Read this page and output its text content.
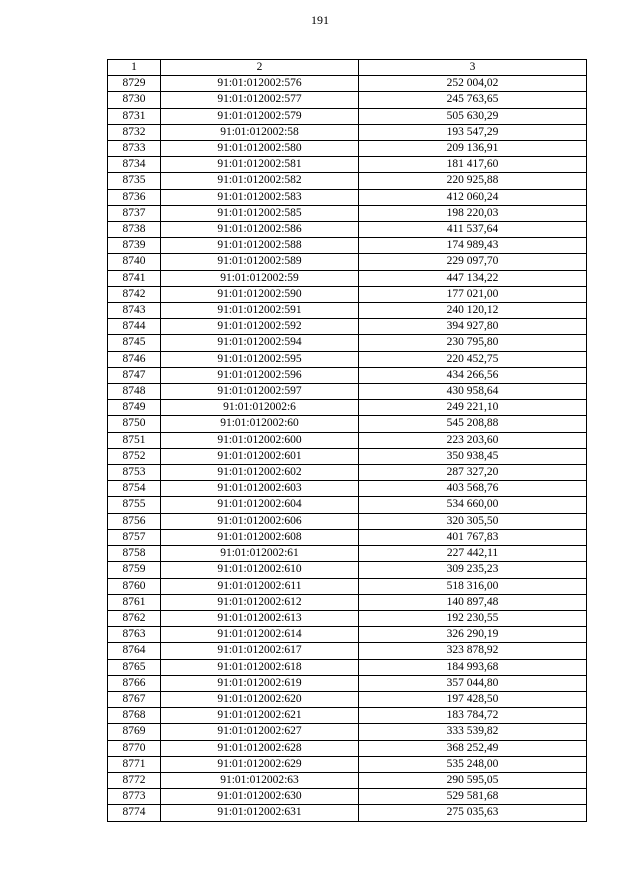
191
1	2	3
8729	91:01:012002:576	252 004,02
8730	91:01:012002:577	245 763,65
8731	91:01:012002:579	505 630,29
8732	91:01:012002:58	193 547,29
8733	91:01:012002:580	209 136,91
8734	91:01:012002:581	181 417,60
8735	91:01:012002:582	220 925,88
8736	91:01:012002:583	412 060,24
8737	91:01:012002:585	198 220,03
8738	91:01:012002:586	411 537,64
8739	91:01:012002:588	174 989,43
8740	91:01:012002:589	229 097,70
8741	91:01:012002:59	447 134,22
8742	91:01:012002:590	177 021,00
8743	91:01:012002:591	240 120,12
8744	91:01:012002:592	394 927,80
8745	91:01:012002:594	230 795,80
8746	91:01:012002:595	220 452,75
8747	91:01:012002:596	434 266,56
8748	91:01:012002:597	430 958,64
8749	91:01:012002:6	249 221,10
8750	91:01:012002:60	545 208,88
8751	91:01:012002:600	223 203,60
8752	91:01:012002:601	350 938,45
8753	91:01:012002:602	287 327,20
8754	91:01:012002:603	403 568,76
8755	91:01:012002:604	534 660,00
8756	91:01:012002:606	320 305,50
8757	91:01:012002:608	401 767,83
8758	91:01:012002:61	227 442,11
8759	91:01:012002:610	309 235,23
8760	91:01:012002:611	518 316,00
8761	91:01:012002:612	140 897,48
8762	91:01:012002:613	192 230,55
8763	91:01:012002:614	326 290,19
8764	91:01:012002:617	323 878,92
8765	91:01:012002:618	184 993,68
8766	91:01:012002:619	357 044,80
8767	91:01:012002:620	197 428,50
8768	91:01:012002:621	183 784,72
8769	91:01:012002:627	333 539,82
8770	91:01:012002:628	368 252,49
8771	91:01:012002:629	535 248,00
8772	91:01:012002:63	290 595,05
8773	91:01:012002:630	529 581,68
8774	91:01:012002:631	275 035,63
